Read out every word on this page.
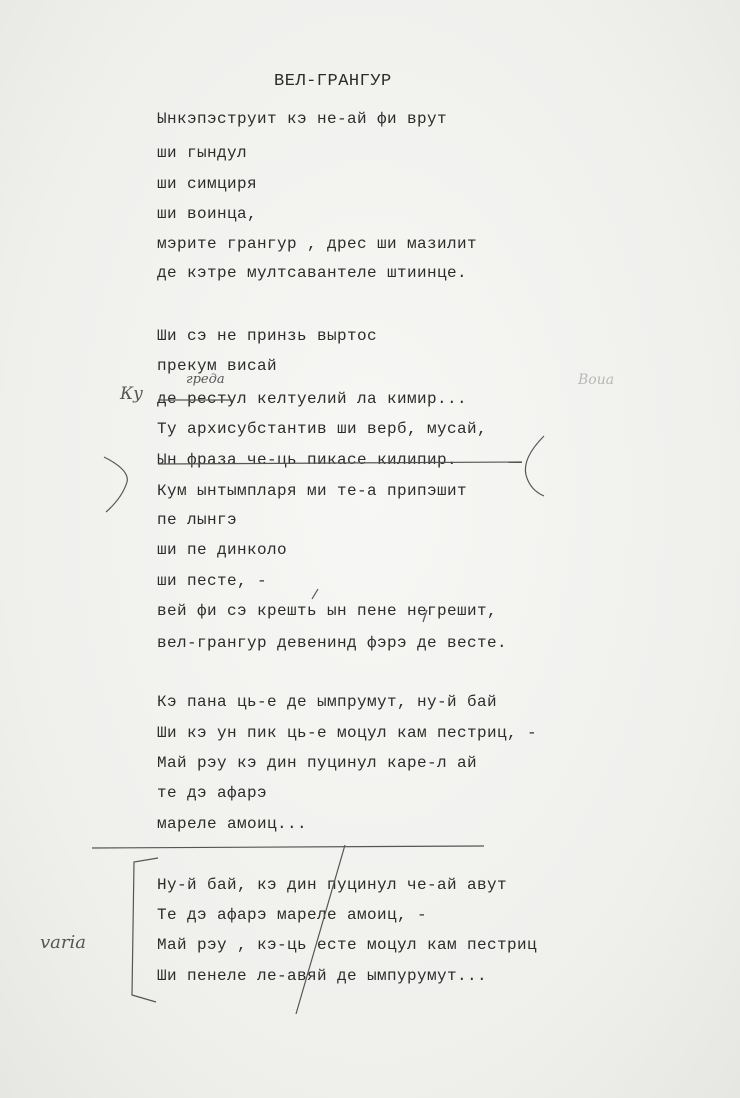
ВЕЛ-ГРАНГУР
Ынкэпэструит кэ не-ай фи врут
ши гындул
ши симциря
ши воинца,
мэрите грангур , дрес ши мазилит
де кэтре мултсавантеле штиинце.
Ши сэ не принзь выртос
прекум висай
де рестул келтуелий ла кимир...
Ту архисубстантив ши верб, мусай,
Ын фраза че-ць пикасе килипир.
Кум ынтымпларя ми те-а припэшит
пе лынгэ
ши пе динколо
ши песте, -
вей фи сэ крешть ын пене негрешит,
вел-грангур девенинд фэрэ де весте.
Кэ пана ць-е де ымпрумут, ну-й бай
Ши кэ ун пик ць-е моцул кам пестриц, -
Май рэу кэ дин пуцинул каре-л ай
те дэ афарэ
мареле амоиц...
Ну-й бай, кэ дин пуцинул че-ай авут
Те дэ афарэ мареле амоиц, -
Май рэу , кэ-ць есте моцул кам пестриц
Ши пенеле ле-авяй де ымпурумут...
Ку
греда
varia
Воиа
